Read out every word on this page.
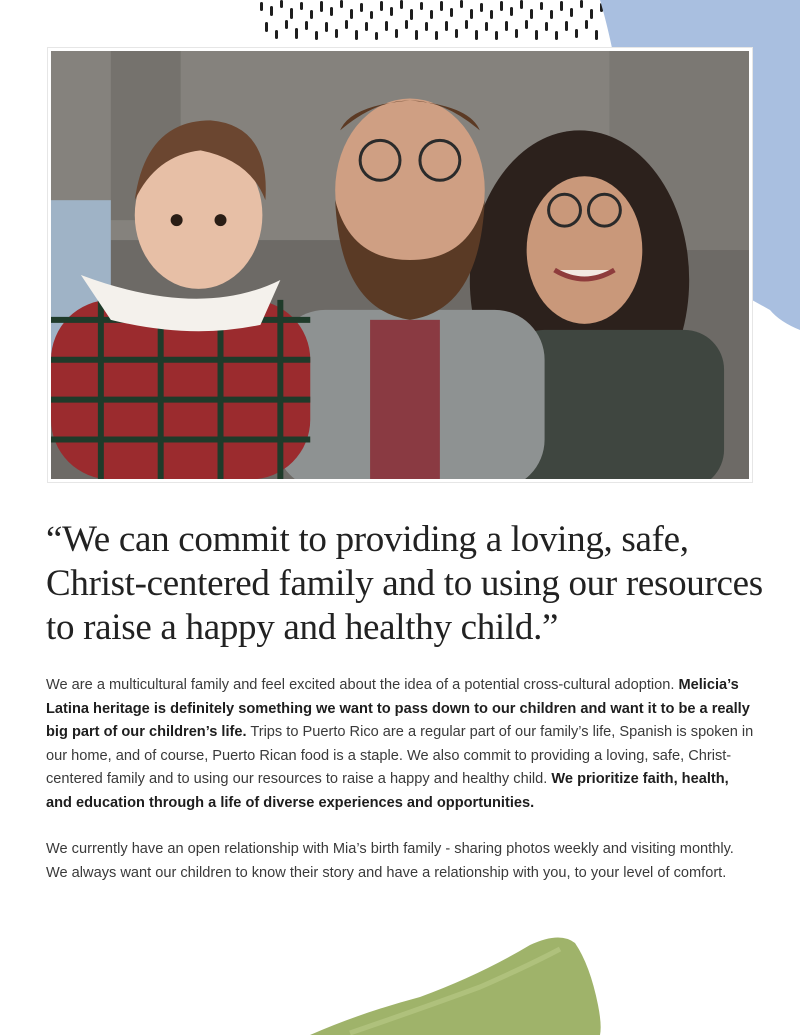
“We can commit to providing a loving, safe, Christ-centered family and to using our resources to raise a happy and healthy child.”

We are a multicultural family and feel excited about the idea of a potential cross-cultural adoption. Melicia’s Latina heritage is definitely something we want to pass down to our children and want it to be a really big part of our children’s life. Trips to Puerto Rico are a regular part of our family’s life, Spanish is spoken in our home, and of course, Puerto Rican food is a staple. We also commit to providing a loving, safe, Christ-centered family and to using our resources to raise a happy and healthy child. We prioritize faith, health, and education through a life of diverse experiences and opportunities.

We currently have an open relationship with Mia’s birth family - sharing photos weekly and visiting monthly. We always want our children to know their story and have a relationship with you, to your level of comfort.
